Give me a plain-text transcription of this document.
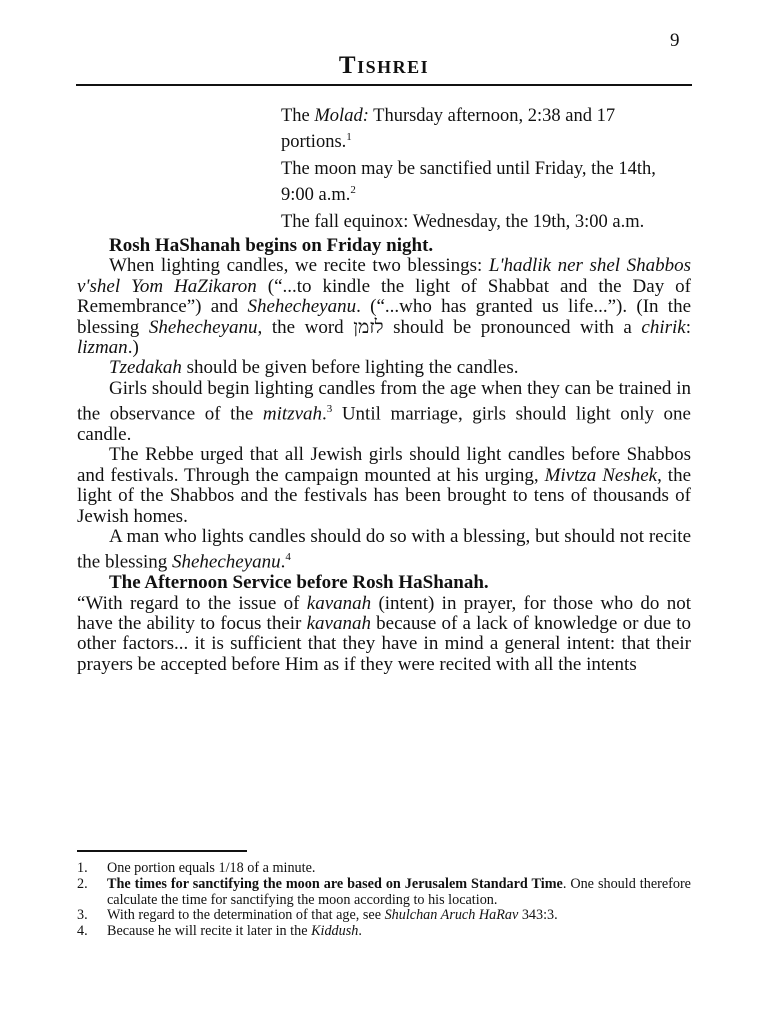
9
Tishrei

The Molad: Thursday afternoon, 2:38 and 17 portions.$^1$

The moon may be sanctified until Friday, the 14th, 9:00 a.m.$^2$

The fall equinox: Wednesday, the 19th, 3:00 a.m.

Rosh HaShanah begins on Friday night.

When lighting candles, we recite two blessings: L'hadlik ner shel Shabbos v'shel Yom HaZikaron (“...to kindle the light of Shabbat and the Day of Remembrance”) and Shehecheyanu. (“...who has granted us life...”). (In the blessing Shehecheyanu, the word לזמן should be pronounced with a chirik: lizman.)

Tzedakah should be given before lighting the candles.

Girls should begin lighting candles from the age when they can be trained in the observance of the mitzvah.$^3$ Until marriage, girls should light only one candle.

The Rebbe urged that all Jewish girls should light candles before Shabbos and festivals. Through the campaign mounted at his urging, Mivtza Neshek, the light of the Shabbos and the festivals has been brought to tens of thousands of Jewish homes.

A man who lights candles should do so with a blessing, but should not recite the blessing Shehecheyanu.$^4$

The Afternoon Service before Rosh HaShanah.

“With regard to the issue of kavanah (intent) in prayer, for those who do not have the ability to focus their kavanah because of a lack of knowledge or due to other factors... it is sufficient that they have in mind a general intent: that their prayers be accepted before Him as if they were recited with all the intents

1.	One portion equals 1/18 of a minute.
2.	The times for sanctifying the moon are based on Jerusalem Standard Time. One should therefore calculate the time for sanctifying the moon according to his location.
3.	With regard to the determination of that age, see Shulchan Aruch HaRav 343:3.
4.	Because he will recite it later in the Kiddush.
